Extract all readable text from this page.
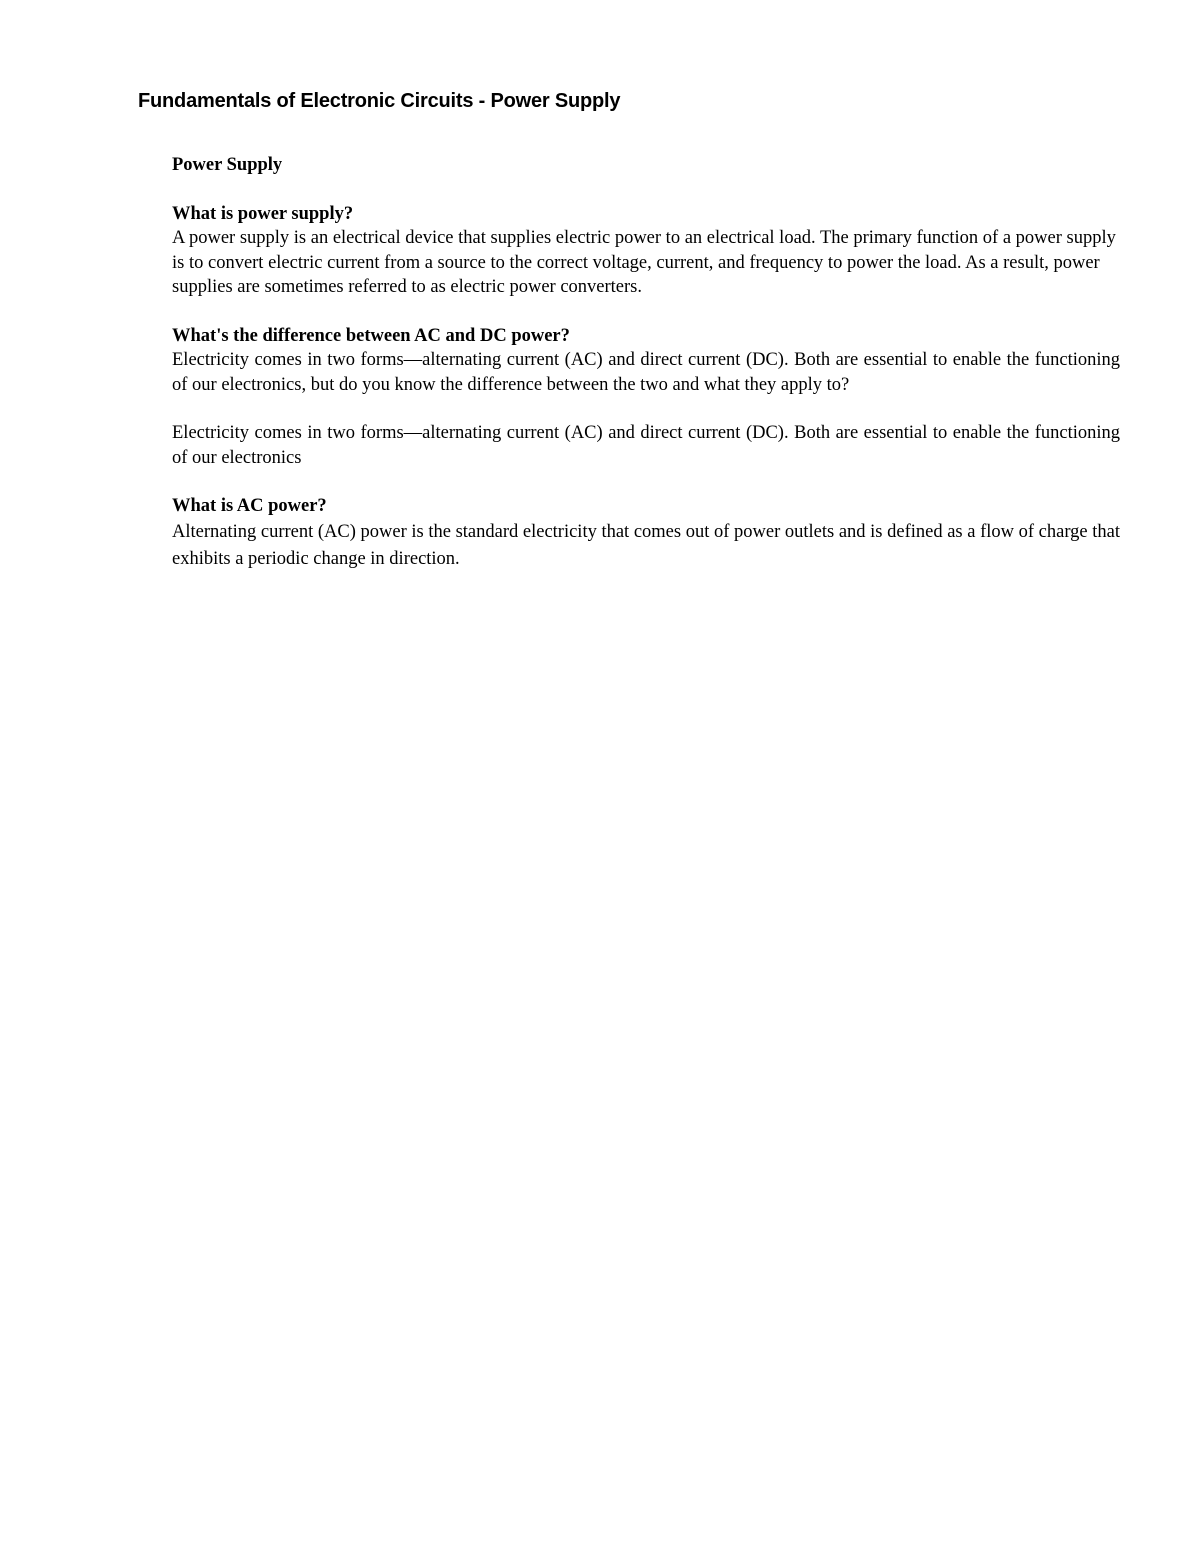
Fundamentals of Electronic Circuits - Power Supply
Power Supply
What is power supply?

A power supply is an electrical device that supplies electric power to an electrical load. The primary function of a power supply is to convert electric current from a source to the correct voltage, current, and frequency to power the load. As a result, power supplies are sometimes referred to as electric power converters.

What's the difference between AC and DC power?

Electricity comes in two forms—alternating current (AC) and direct current (DC). Both are essential to enable the functioning of our electronics, but do you know the difference between the two and what they apply to?

Electricity comes in two forms—alternating current (AC) and direct current (DC). Both are essential to enable the functioning of our electronics

What is AC power?

Alternating current (AC) power is the standard electricity that comes out of power outlets and is defined as a flow of charge that exhibits a periodic change in direction.
